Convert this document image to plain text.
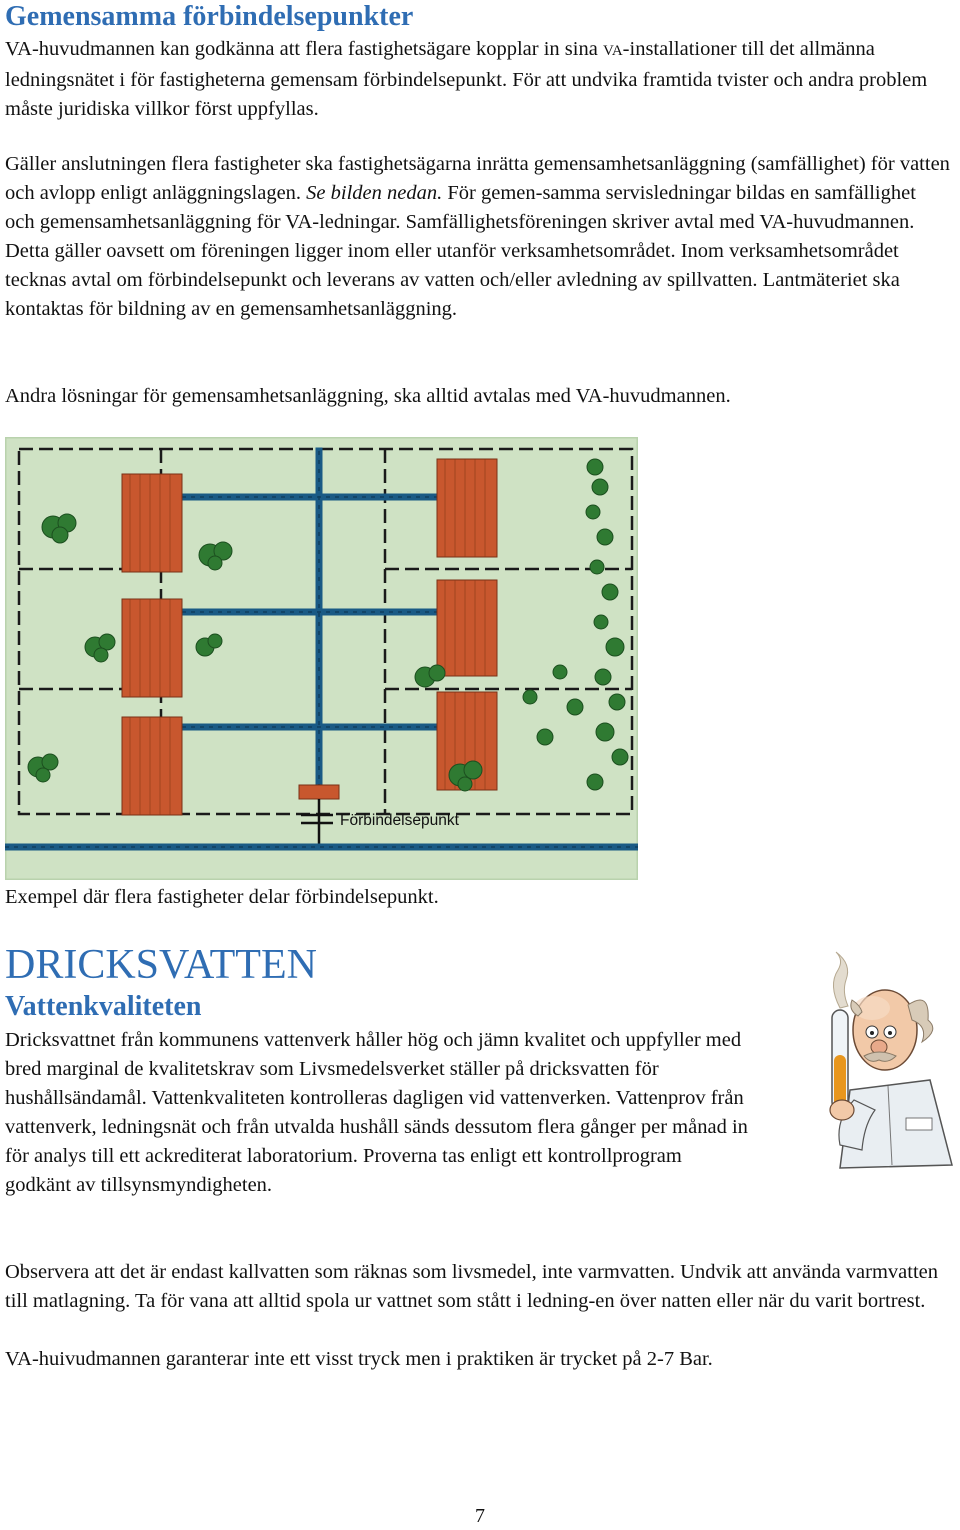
Gemensamma förbindelsepunkter

VA-huvudmannen kan godkänna att flera fastighetsägare kopplar in sina VA-installationer till det allmänna ledningsnätet i för fastigheterna gemensam förbindelsepunkt. För att undvika framtida tvister och andra problem måste juridiska villkor först uppfyllas.

Gäller anslutningen flera fastigheter ska fastighetsägarna inrätta gemensamhetsanläggning (samfällighet) för vatten och avlopp enligt anläggningslagen. Se bilden nedan. För gemen-samma servisledningar bildas en samfällighet och gemensamhetsanläggning för VA-ledningar. Samfällighetsföreningen skriver avtal med VA-huvudmannen. Detta gäller oavsett om föreningen ligger inom eller utanför verksamhetsområdet. Inom verksamhetsområdet tecknas avtal om förbindelsepunkt och leverans av vatten och/eller avledning av spillvatten. Lantmäteriet ska kontaktas för bildning av en gemensamhetsanläggning.

Andra lösningar för gemensamhetsanläggning, ska alltid avtalas med VA-huvudmannen.
Förbindelsepunkt
Exempel där flera fastigheter delar förbindelsepunkt.
DRICKSVATTEN
Vattenkvaliteten
Dricksvattnet från kommunens vattenverk håller hög och jämn kvalitet och uppfyller med bred marginal de kvalitetskrav som Livsmedelsverket ställer på dricksvatten för hushållsändamål. Vattenkvaliteten kontrolleras dagligen vid vattenverken. Vattenprov från vattenverk, ledningsnät och från utvalda hushåll sänds dessutom flera gånger per månad in för analys till ett ackrediterat laboratorium. Proverna tas enligt ett kontrollprogram godkänt av tillsynsmyndigheten.
Observera att det är endast kallvatten som räknas som livsmedel, inte varmvatten. Undvik att använda varmvatten till matlagning. Ta för vana att alltid spola ur vattnet som stått i ledning-en över natten eller när du varit bortrest.
VA-huivudmannen garanterar inte ett visst tryck men i praktiken är trycket på 2-7 Bar.
7
